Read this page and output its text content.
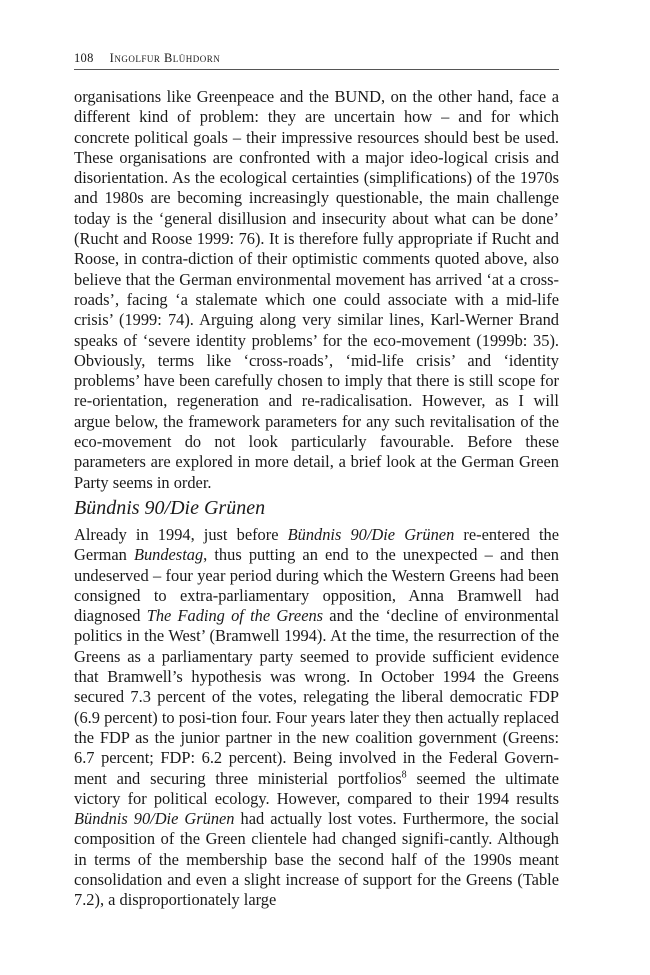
108 Ingolfur Blühdorn

organisations like Greenpeace and the BUND, on the other hand, face a different kind of problem: they are uncertain how – and for which concrete political goals – their impressive resources should best be used. These organisations are confronted with a major ideo-logical crisis and disorientation. As the ecological certainties (simplifications) of the 1970s and 1980s are becoming increasingly questionable, the main challenge today is the ‘general disillusion and insecurity about what can be done’ (Rucht and Roose 1999: 76). It is therefore fully appropriate if Rucht and Roose, in contra-diction of their optimistic comments quoted above, also believe that the German environmental movement has arrived ‘at a cross-roads’, facing ‘a stalemate which one could associate with a mid-life crisis’ (1999: 74). Arguing along very similar lines, Karl-Werner Brand speaks of ‘severe identity problems’ for the eco-movement (1999b: 35). Obviously, terms like ‘cross-roads’, ‘mid-life crisis’ and ‘identity problems’ have been carefully chosen to imply that there is still scope for re-orientation, regeneration and re-radicalisation. However, as I will argue below, the framework parameters for any such revitalisation of the eco-movement do not look particularly favourable. Before these parameters are explored in more detail, a brief look at the German Green Party seems in order.

Bündnis 90/Die Grünen

Already in 1994, just before Bündnis 90/Die Grünen re-entered the German Bundestag, thus putting an end to the unexpected – and then undeserved – four year period during which the Western Greens had been consigned to extra-parliamentary opposition, Anna Bramwell had diagnosed The Fading of the Greens and the ‘decline of environmental politics in the West’ (Bramwell 1994). At the time, the resurrection of the Greens as a parliamentary party seemed to provide sufficient evidence that Bramwell’s hypothesis was wrong. In October 1994 the Greens secured 7.3 percent of the votes, relegating the liberal democratic FDP (6.9 percent) to posi-tion four. Four years later they then actually replaced the FDP as the junior partner in the new coalition government (Greens: 6.7 percent; FDP: 6.2 percent). Being involved in the Federal Govern-ment and securing three ministerial portfolios$^8$ seemed the ultimate victory for political ecology. However, compared to their 1994 results Bündnis 90/Die Grünen had actually lost votes. Furthermore, the social composition of the Green clientele had changed signifi-cantly. Although in terms of the membership base the second half of the 1990s meant consolidation and even a slight increase of support for the Greens (Table 7.2), a disproportionately large
